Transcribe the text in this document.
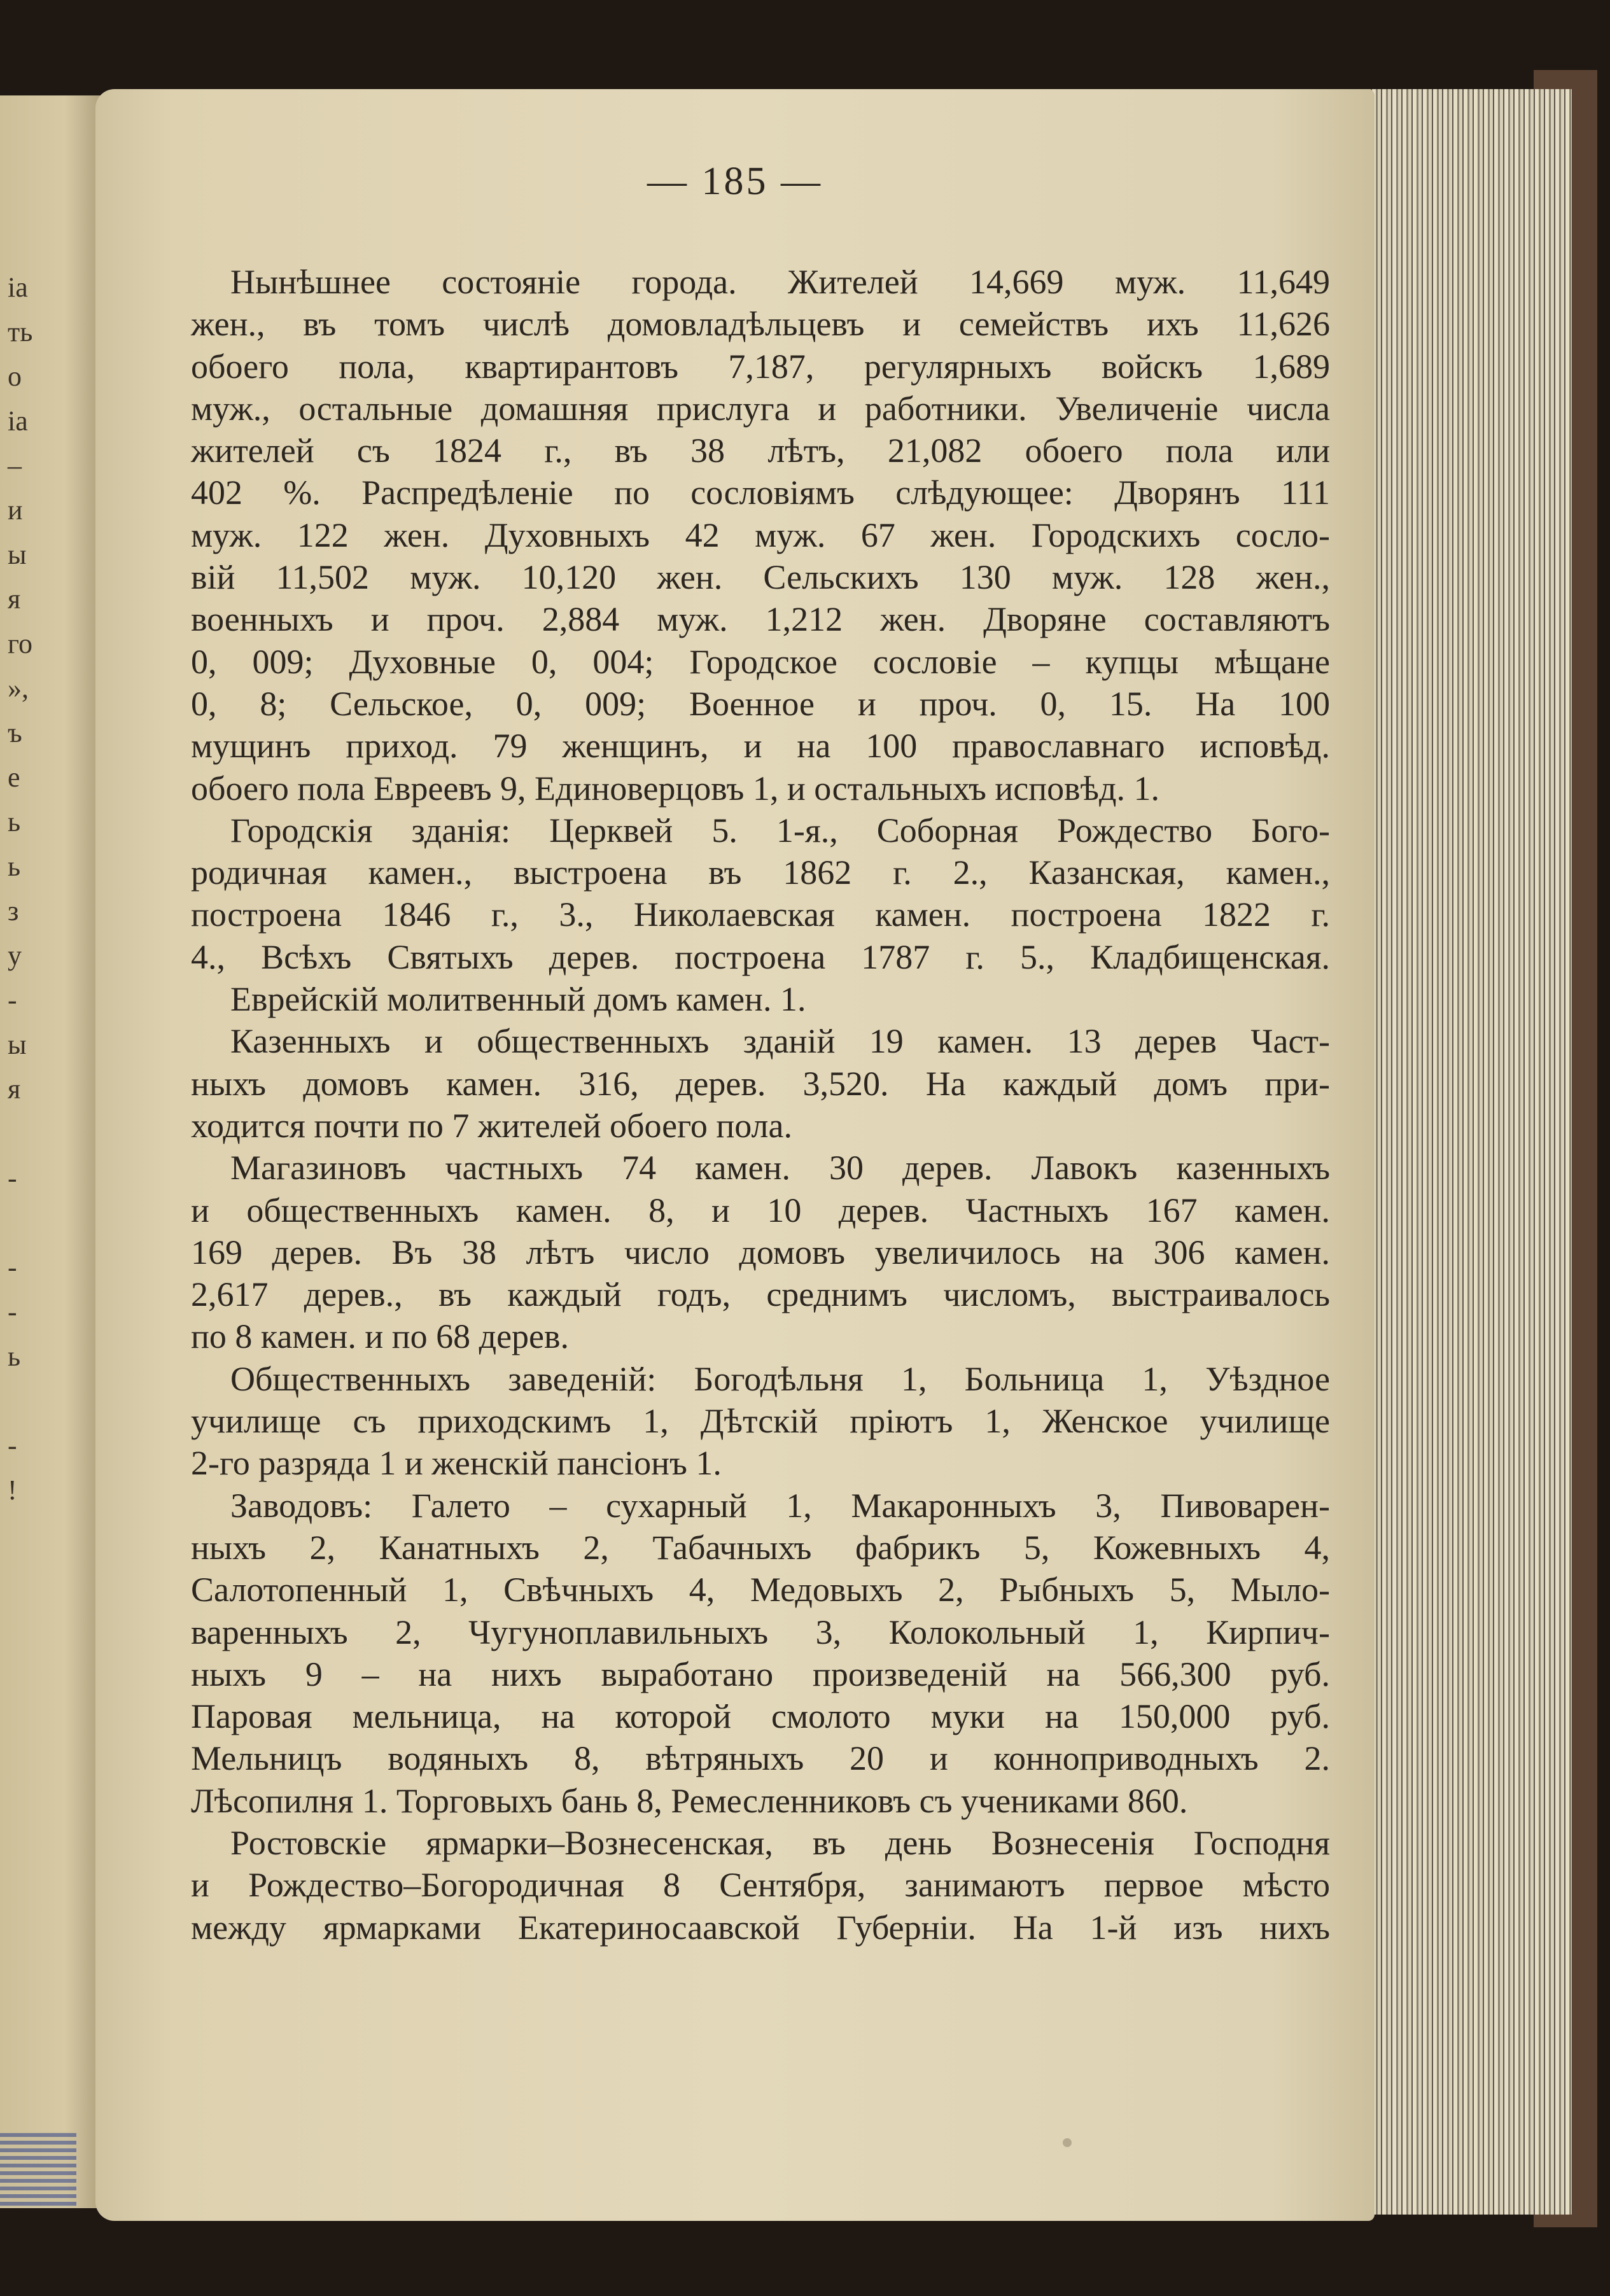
іа
ть
о
іа
–
и
ы
я
го
»,
ъ
е
ь
ь
з
у
-
ы
я
-
-
-
ь
-
!
— 185 —
Нынѣшнее состояніе города. Жителей 14,669 муж. 11,649
жен., въ томъ числѣ домовладѣльцевъ и семействъ ихъ 11,626
обоего пола, квартирантовъ 7,187, регулярныхъ войскъ 1,689
муж., остальные домашняя прислуга и работники. Увеличеніе числа
жителей съ 1824 г., въ 38 лѣтъ, 21,082 обоего пола или
402 %. Распредѣленіе по сословіямъ слѣдующее: Дворянъ 111
муж. 122 жен. Духовныхъ 42 муж. 67 жен. Городскихъ сосло-
вій 11,502 муж. 10,120 жен. Сельскихъ 130 муж. 128 жен.,
военныхъ и проч. 2,884 муж. 1,212 жен. Дворяне составляютъ
0, 009; Духовные 0, 004; Городское сословіе – купцы мѣщане
0, 8; Сельское, 0, 009; Военное и проч. 0, 15. На 100
мущинъ приход. 79 женщинъ, и на 100 православнаго исповѣд.
обоего пола Евреевъ 9, Единоверцовъ 1, и остальныхъ исповѣд. 1.
Городскія зданія: Церквей 5. 1-я., Соборная Рождество Бого-
родичная камен., выстроена въ 1862 г. 2., Казанская, камен.,
построена 1846 г., 3., Николаевская камен. построена 1822 г.
4., Всѣхъ Святыхъ дерев. построена 1787 г. 5., Кладбищенская.
Еврейскій молитвенный домъ камен. 1.
Казенныхъ и общественныхъ зданій 19 камен. 13 дерев Част-
ныхъ домовъ камен. 316, дерев. 3,520. На каждый домъ при-
ходится почти по 7 жителей обоего пола.
Магазиновъ частныхъ 74 камен. 30 дерев. Лавокъ казенныхъ
и общественныхъ камен. 8, и 10 дерев. Частныхъ 167 камен.
169 дерев. Въ 38 лѣтъ число домовъ увеличилось на 306 камен.
2,617 дерев., въ каждый годъ, среднимъ числомъ, выстраивалось
по 8 камен. и по 68 дерев.
Общественныхъ заведеній: Богодѣльня 1, Больница 1, Уѣздное
училище съ приходскимъ 1, Дѣтскій пріютъ 1, Женское училище
2-го разряда 1 и женскій пансіонъ 1.
Заводовъ: Галето – сухарный 1, Макаронныхъ 3, Пивоварен-
ныхъ 2, Канатныхъ 2, Табачныхъ фабрикъ 5, Кожевныхъ 4,
Салотопенный 1, Свѣчныхъ 4, Медовыхъ 2, Рыбныхъ 5, Мыло-
варенныхъ 2, Чугуноплавильныхъ 3, Колокольный 1, Кирпич-
ныхъ 9 – на нихъ выработано произведеній на 566,300 руб.
Паровая мельница, на которой смолото муки на 150,000 руб.
Мельницъ водяныхъ 8, вѣтряныхъ 20 и конноприводныхъ 2.
Лѣсопилня 1. Торговыхъ бань 8, Ремесленниковъ съ учениками 860.
Ростовскіе ярмарки–Вознесенская, въ день Вознесенія Господня
и Рождество–Богородичная 8 Сентября, занимаютъ первое мѣсто
между ярмарками Екатериносаавской Губерніи. На 1-й изъ нихъ
